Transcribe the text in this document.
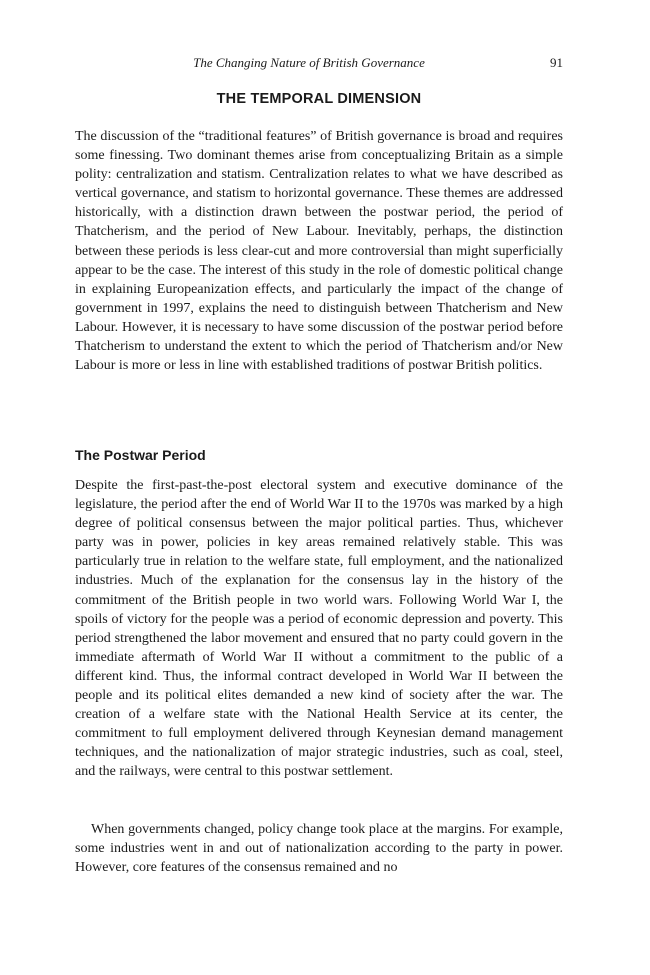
The Changing Nature of British Governance	91
THE TEMPORAL DIMENSION

The discussion of the “traditional features” of British governance is broad and requires some finessing. Two dominant themes arise from conceptualizing Britain as a simple polity: centralization and statism. Centralization relates to what we have described as vertical governance, and statism to horizontal governance. These themes are addressed historically, with a distinction drawn between the postwar period, the period of Thatcherism, and the period of New Labour. Inevitably, perhaps, the distinction between these periods is less clear-cut and more controversial than might superficially appear to be the case. The interest of this study in the role of domestic political change in explaining Europeanization effects, and particularly the impact of the change of government in 1997, explains the need to distinguish between Thatcherism and New Labour. However, it is necessary to have some discussion of the postwar period before Thatcherism to understand the extent to which the period of Thatcherism and/or New Labour is more or less in line with established traditions of postwar British politics.

The Postwar Period

Despite the first-past-the-post electoral system and executive dominance of the legislature, the period after the end of World War II to the 1970s was marked by a high degree of political consensus between the major political parties. Thus, whichever party was in power, policies in key areas remained relatively stable. This was particularly true in relation to the welfare state, full employment, and the nationalized industries. Much of the explanation for the consensus lay in the history of the commitment of the British people in two world wars. Following World War I, the spoils of victory for the people was a period of economic depression and poverty. This period strengthened the labor movement and ensured that no party could govern in the immediate aftermath of World War II without a commitment to the public of a different kind. Thus, the informal contract developed in World War II between the people and its political elites demanded a new kind of society after the war. The creation of a welfare state with the National Health Service at its center, the commitment to full employment delivered through Keynesian demand management techniques, and the nationalization of major strategic industries, such as coal, steel, and the railways, were central to this postwar settlement.

When governments changed, policy change took place at the margins. For example, some industries went in and out of nationalization according to the party in power. However, core features of the consensus remained and no
